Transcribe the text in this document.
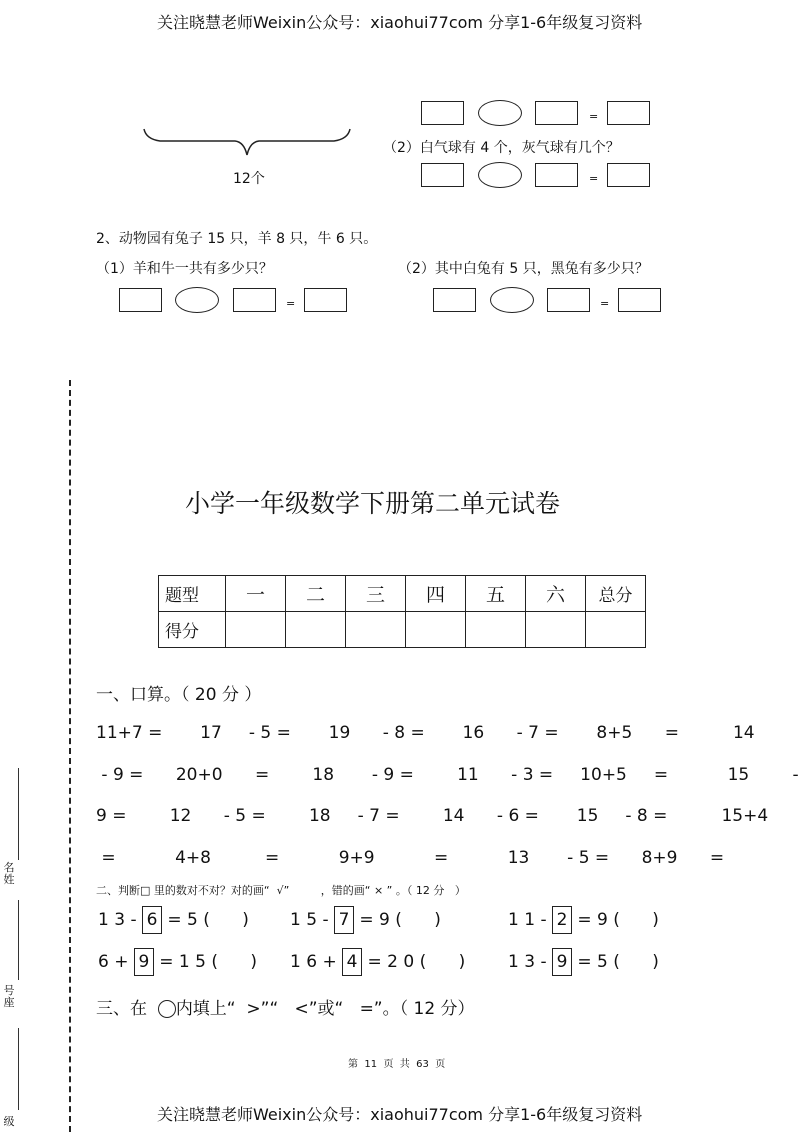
关注晓慧老师Weixin公众号：xiaohui77com 分享1-6年级复习资料
12个
=
（2）白气球有 4 个，灰气球有几个？
=
2、动物园有兔子 15 只，羊 8 只，牛 6 只。
（1）羊和牛一共有多少只？	（2）其中白兔有 5 只，黑兔有多少只？
=	=
名姓
号座
级
小学一年级数学下册第二单元试卷
题型	一	二	三	四	五	六	总分
得分							
一、口算。（ 20 分 ）
11+7 =       17     - 5 =       19      - 8 =       16      - 7 =       8+5      =          14
- 9 =      20+0      =        18       - 9 =        11      - 3 =     10+5     =           15        -
9 =        12      - 5 =        18     - 7 =        14      - 6 =       15     - 8 =          15+4
=           4+8          =           9+9           =           13       - 5 =      8+9      =
二、判断□ 里的数对不对？对的画“  √”         ，错的画“ × ” 。（ 12 分   ）
1 3 - 6 = 5 (      ) 1 5 - 7 = 9 (      )	1 1 - 2 = 9 (      )
6 + 9 = 1 5 (      ) 1 6 + 4 = 2 0 (      )	1 3 - 9 = 5 (      )
三、在 内填上“  >”“   <”或“   =”。（ 12 分）
第  11  页  共  63  页
关注晓慧老师Weixin公众号：xiaohui77com 分享1-6年级复习资料
